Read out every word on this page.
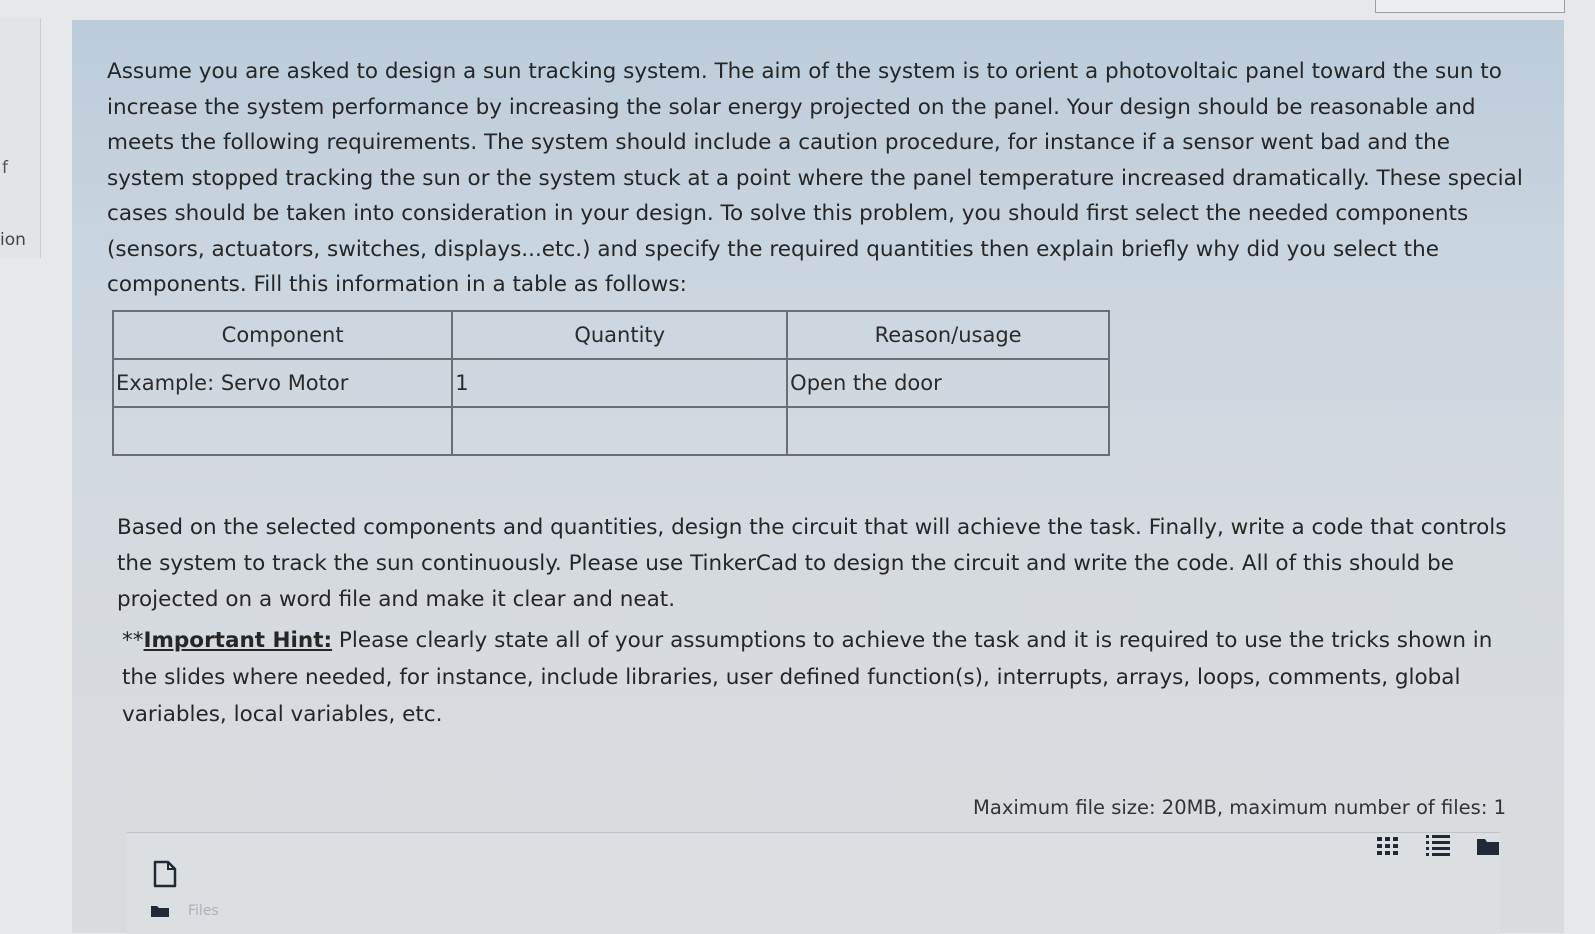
f
ion

Assume you are asked to design a sun tracking system. The aim of the system is to orient a photovoltaic panel toward the sun to increase the system performance by increasing the solar energy projected on the panel. Your design should be reasonable and meets the following requirements. The system should include a caution procedure, for instance if a sensor went bad and the system stopped tracking the sun or the system stuck at a point where the panel temperature increased dramatically. These special cases should be taken into consideration in your design. To solve this problem, you should first select the needed components (sensors, actuators, switches, displays...etc.) and specify the required quantities then explain briefly why did you select the components. Fill this information in a table as follows:

Component	Quantity	Reason/usage
Example: Servo Motor	1	Open the door

Based on the selected components and quantities, design the circuit that will achieve the task. Finally, write a code that controls the system to track the sun continuously. Please use TinkerCad to design the circuit and write the code. All of this should be projected on a word file and make it clear and neat.

**Important Hint: Please clearly state all of your assumptions to achieve the task and it is required to use the tricks shown in the slides where needed, for instance, include libraries, user defined function(s), interrupts, arrays, loops, comments, global variables, local variables, etc.

Maximum file size: 20MB, maximum number of files: 1
Files
